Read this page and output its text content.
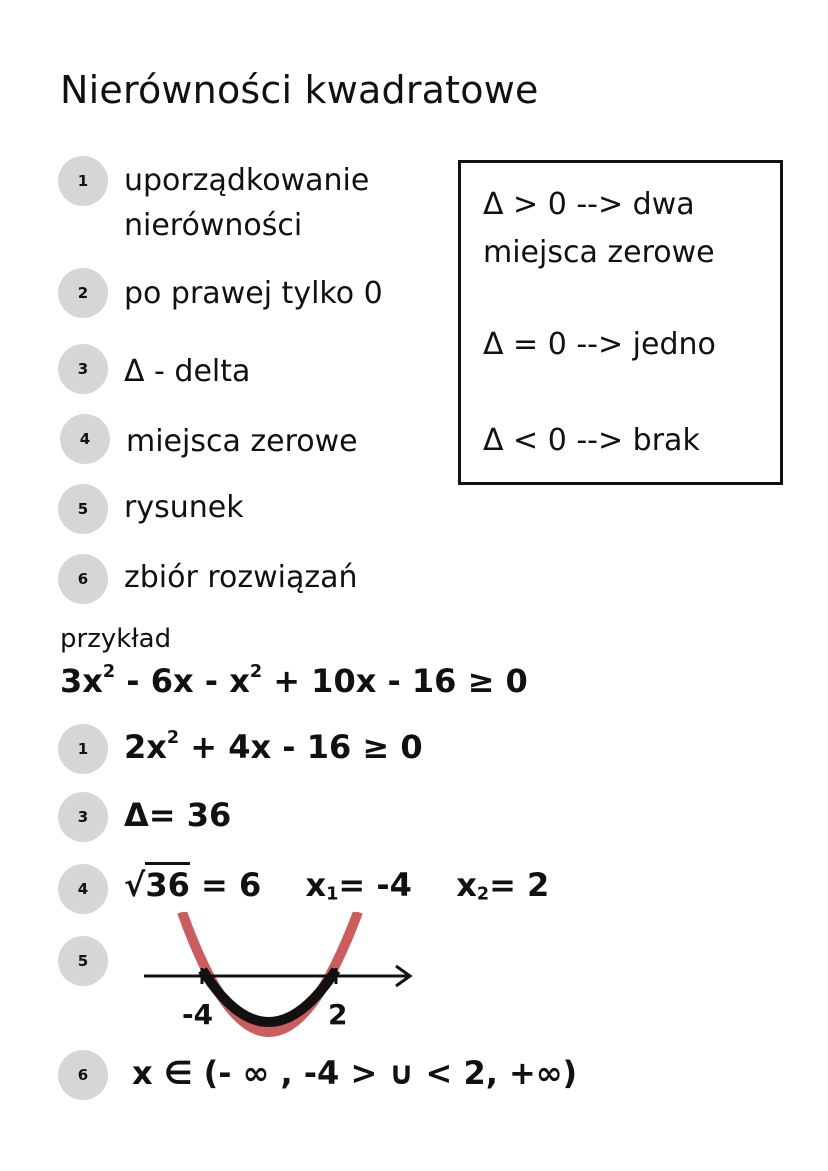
Nierówności kwadratowe
1	uporządkowanie nierówności
2	po prawej tylko 0
3	Δ - delta
4	miejsca zerowe
5	rysunek
6	zbiór rozwiązań
Δ > 0 --> dwa miejsca zerowe
Δ = 0 --> jedno
Δ < 0 --> brak
przykład
$3x^2 - 6x - x^2 + 10x - 16 \ge 0$
1	$2x^2 + 4x - 16 \ge 0$
3	Δ= 36
4	√36 = 6 $x_1= -4$ $x_2= 2$
5
-4	2
6	x ∈ (- ∞ , -4 > ∪ < 2, +∞)
